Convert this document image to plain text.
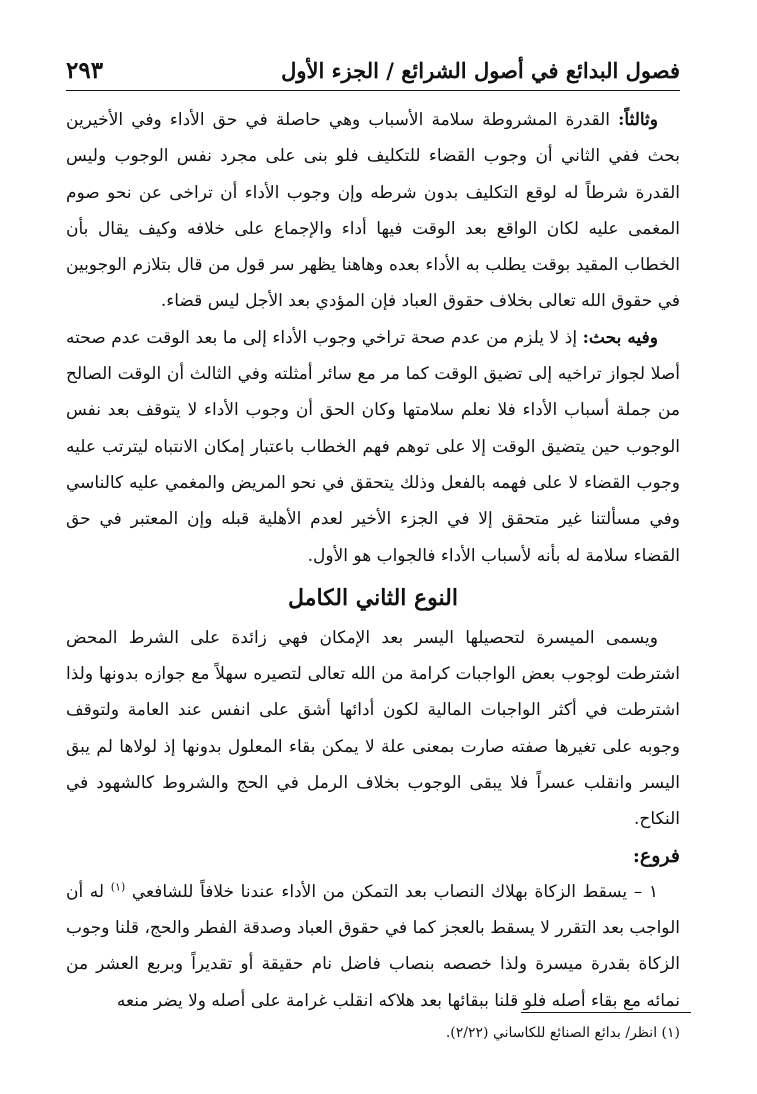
فصول البدائع في أصول الشرائع / الجزء الأول
٢٩٣

وثالثاً: القدرة المشروطة سلامة الأسباب وهي حاصلة في حق الأداء وفي الأخيرين بحث ففي الثاني أن وجوب القضاء للتكليف فلو بنى على مجرد نفس الوجوب وليس القدرة شرطاً له لوقع التكليف بدون شرطه وإن وجوب الأداء أن تراخى عن نحو صوم المغمى عليه لكان الواقع بعد الوقت فيها أداء والإجماع على خلافه وكيف يقال بأن الخطاب المقيد بوقت يطلب به الأداء بعده وهاهنا يظهر سر قول من قال بتلازم الوجوبين في حقوق الله تعالى بخلاف حقوق العباد فإن المؤدي بعد الأجل ليس قضاء.

وفيه بحث: إذ لا يلزم من عدم صحة تراخي وجوب الأداء إلى ما بعد الوقت عدم صحته أصلا لجواز تراخيه إلى تضيق الوقت كما مر مع سائر أمثلته وفي الثالث أن الوقت الصالح من جملة أسباب الأداء فلا نعلم سلامتها وكان الحق أن وجوب الأداء لا يتوقف بعد نفس الوجوب حين يتضيق الوقت إلا على توهم فهم الخطاب باعتبار إمكان الانتباه ليترتب عليه وجوب القضاء لا على فهمه بالفعل وذلك يتحقق في نحو المريض والمغمي عليه كالناسي وفي مسألتنا غير متحقق إلا في الجزء الأخير لعدم الأهلية قبله وإن المعتبر في حق القضاء سلامة له بأنه لأسباب الأداء فالجواب هو الأول.

النوع الثاني الكامل

ويسمى الميسرة لتحصيلها اليسر بعد الإمكان فهي زائدة على الشرط المحض اشترطت لوجوب بعض الواجبات كرامة من الله تعالى لتصيره سهلاً مع جوازه بدونها ولذا اشترطت في أكثر الواجبات المالية لكون أدائها أشق على انفس عند العامة ولتوقف وجوبه على تغيرها صفته صارت بمعنى علة لا يمكن بقاء المعلول بدونها إذ لولاها لم يبق اليسر وانقلب عسراً فلا يبقى الوجوب بخلاف الرمل في الحج والشروط كالشهود في النكاح.

فروع:

١ – يسقط الزكاة بهلاك النصاب بعد التمكن من الأداء عندنا خلافاً للشافعي $^{(١)}$ له أن الواجب بعد التقرر لا يسقط بالعجز كما في حقوق العباد وصدقة الفطر والحج، قلنا وجوب الزكاة بقدرة ميسرة ولذا خصصه بنصاب فاضل نام حقيقة أو تقديراً وبربع العشر من نمائه مع بقاء أصله فلو قلنا ببقائها بعد هلاكه انقلب غرامة على أصله ولا يضر منعه

(١) انظر/ بدائع الصنائع للكاساني (٢/٢٢).
